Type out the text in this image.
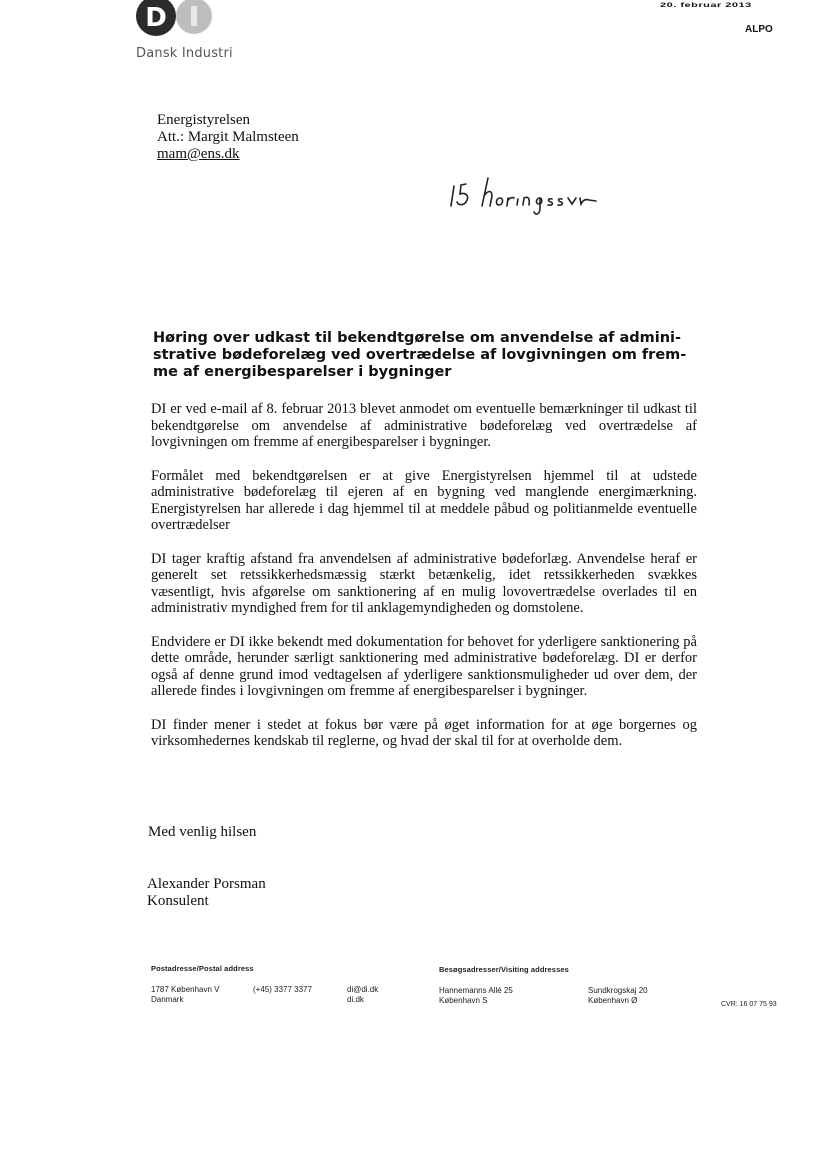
D
Dansk Industri
20. februar 2013
ALPO
Energistyrelsen
Att.: Margit Malmsteen
mam@ens.dk
Høring over udkast til bekendtgørelse om anvendelse af admini-
strative bødeforelæg ved overtrædelse af lovgivningen om frem-
me af energibesparelser i bygninger

DI er ved e-mail af 8. februar 2013 blevet anmodet om eventuelle bemærkninger til udkast til bekendtgørelse om anvendelse af administrative bødeforelæg ved overtrædelse af lovgivningen om fremme af energibesparelser i bygninger.

Formålet med bekendtgørelsen er at give Energistyrelsen hjemmel til at udstede administrative bødeforelæg til ejeren af en bygning ved manglende energimærkning. Energistyrelsen har allerede i dag hjemmel til at meddele påbud og politianmelde eventuelle overtrædelser

DI tager kraftig afstand fra anvendelsen af administrative bødeforlæg. Anvendelse heraf er generelt set retssikkerhedsmæssig stærkt betænkelig, idet retssikkerheden svækkes væsentligt, hvis afgørelse om sanktionering af en mulig lovovertrædelse overlades til en administrativ myndighed frem for til anklagemyndigheden og domstolene.

Endvidere er DI ikke bekendt med dokumentation for behovet for yderligere sanktionering på dette område, herunder særligt sanktionering med administrative bødeforelæg. DI er derfor også af denne grund imod vedtagelsen af yderligere sanktionsmuligheder ud over dem, der allerede findes i lovgivningen om fremme af energibesparelser i bygninger.

DI finder mener i stedet at fokus bør være på øget information for at øge borgernes og virksomhedernes kendskab til reglerne, og hvad der skal til for at overholde dem.

Med venlig hilsen
Alexander Porsman
Konsulent
Postadresse/Postal address
1787 København V
Danmark
(+45) 3377 3377	di@di.dk
di.dk
Besøgsadresser/Visiting addresses
Hannemanns Allé 25
København S
Sundkrogskaj 20
København Ø	CVR: 16 07 75 93
